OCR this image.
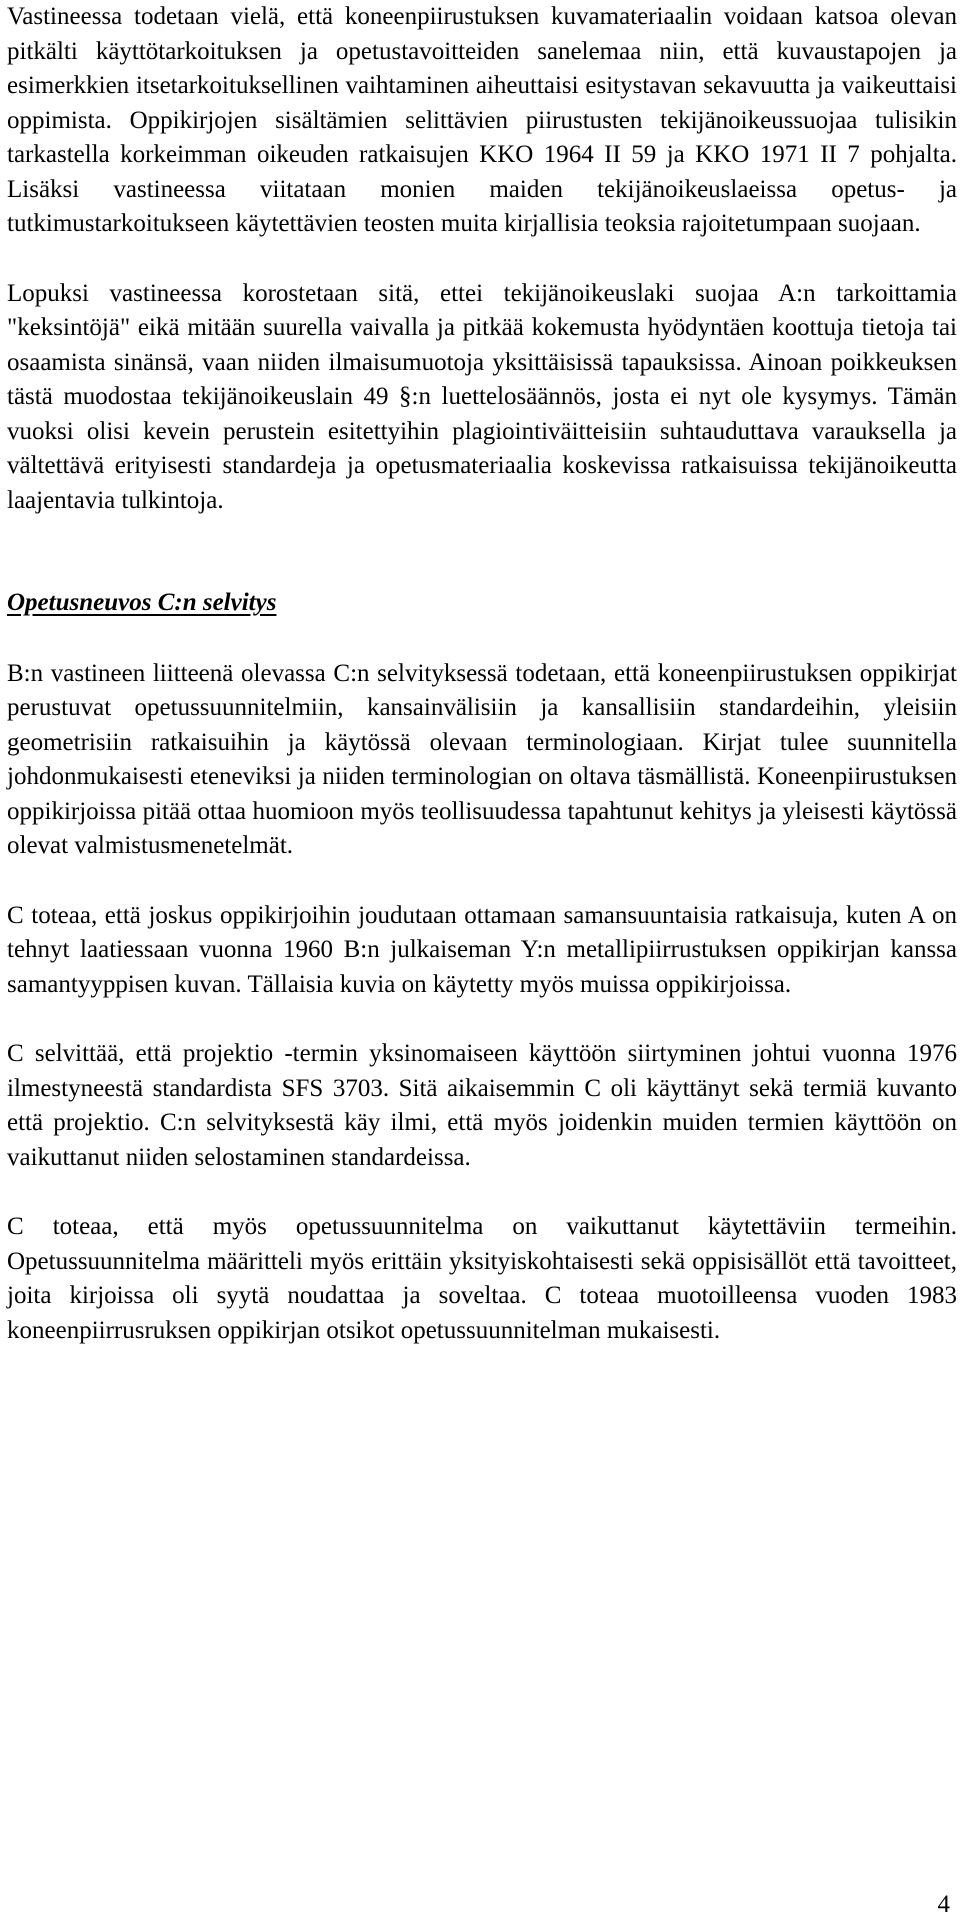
Vastineessa todetaan vielä, että koneenpiirustuksen kuvamateriaalin voidaan katsoa olevan pitkälti käyttötarkoituksen ja opetustavoitteiden sanelemaa niin, että kuvaustapojen ja esimerkkien itsetarkoituksellinen vaihtaminen aiheuttaisi esitystavan sekavuutta ja vaikeuttaisi oppimista. Oppikirjojen sisältämien selittävien piirustusten tekijänoikeussuojaa tulisikin tarkastella korkeimman oikeuden ratkaisujen KKO 1964 II 59 ja KKO 1971 II 7 pohjalta. Lisäksi vastineessa viitataan monien maiden tekijänoikeuslaeissa opetus- ja tutkimustarkoitukseen käytettävien teosten muita kirjallisia teoksia rajoitetumpaan suojaan.

Lopuksi vastineessa korostetaan sitä, ettei tekijänoikeuslaki suojaa A:n tarkoittamia "keksintöjä" eikä mitään suurella vaivalla ja pitkää kokemusta hyödyntäen koottuja tietoja tai osaamista sinänsä, vaan niiden ilmaisumuotoja yksittäisissä tapauksissa. Ainoan poikkeuksen tästä muodostaa tekijänoikeuslain 49 §:n luettelosäännös, josta ei nyt ole kysymys. Tämän vuoksi olisi kevein perustein esitettyihin plagiointiväitteisiin suhtauduttava varauksella ja vältettävä erityisesti standardeja ja opetusmateriaalia koskevissa ratkaisuissa tekijänoikeutta laajentavia tulkintoja.

Opetusneuvos C:n selvitys

B:n vastineen liitteenä olevassa C:n selvityksessä todetaan, että koneenpiirustuksen oppikirjat perustuvat opetussuunnitelmiin, kansainvälisiin ja kansallisiin standardeihin, yleisiin geometrisiin ratkaisuihin ja käytössä olevaan terminologiaan. Kirjat tulee suunnitella johdonmukaisesti eteneviksi ja niiden terminologian on oltava täsmällistä. Koneenpiirustuksen oppikirjoissa pitää ottaa huomioon myös teollisuudessa tapahtunut kehitys ja yleisesti käytössä olevat valmistusmenetelmät.

C toteaa, että joskus oppikirjoihin joudutaan ottamaan samansuuntaisia ratkaisuja, kuten A on tehnyt laatiessaan vuonna 1960 B:n julkaiseman Y:n metallipiirrustuksen oppikirjan kanssa samantyyppisen kuvan. Tällaisia kuvia on käytetty myös muissa oppikirjoissa.

C selvittää, että projektio -termin yksinomaiseen käyttöön siirtyminen johtui vuonna 1976 ilmestyneestä standardista SFS 3703. Sitä aikaisemmin C oli käyttänyt sekä termiä kuvanto että projektio. C:n selvityksestä käy ilmi, että myös joidenkin muiden termien käyttöön on vaikuttanut niiden selostaminen standardeissa.

C toteaa, että myös opetussuunnitelma on vaikuttanut käytettäviin termeihin. Opetussuunnitelma määritteli myös erittäin yksityiskohtaisesti sekä oppisisällöt että tavoitteet, joita kirjoissa oli syytä noudattaa ja soveltaa. C toteaa muotoilleensa vuoden 1983 koneenpiirrusruksen oppikirjan otsikot opetussuunnitelman mukaisesti.

4
